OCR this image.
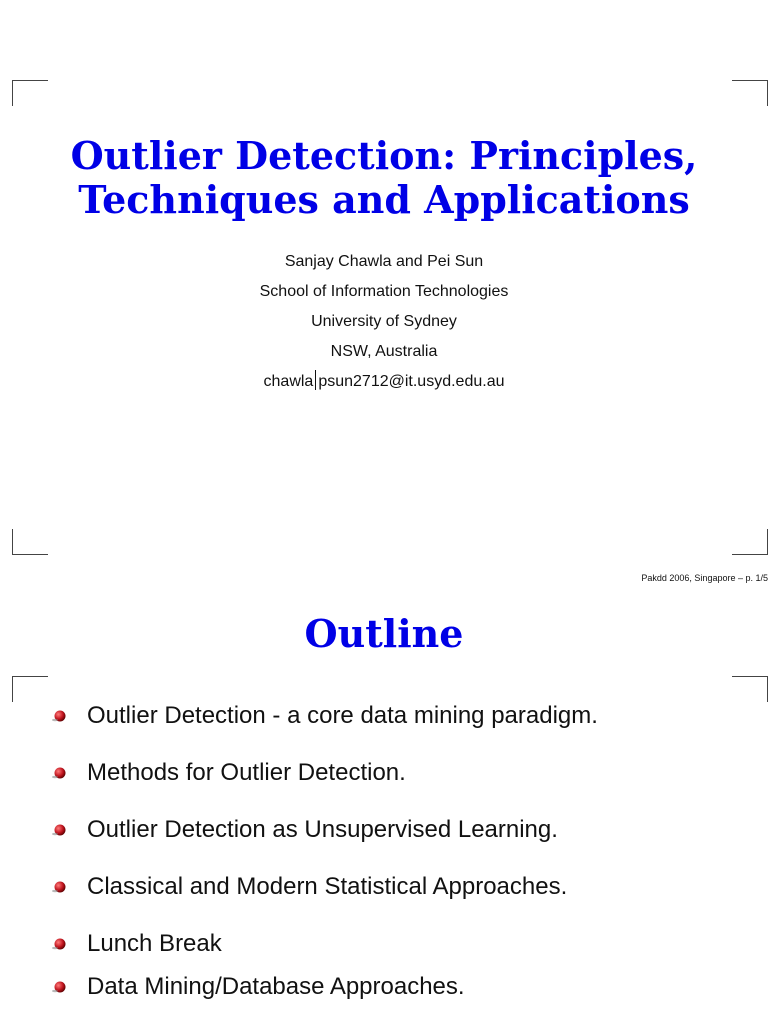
Outlier Detection: Principles,
Techniques and Applications
Sanjay Chawla and Pei Sun
School of Information Technologies
University of Sydney
NSW, Australia
chawla psun2712@it.usyd.edu.au
Pakdd 2006, Singapore – p. 1/5
Outline
Outlier Detection - a core data mining paradigm.
Methods for Outlier Detection.
Outlier Detection as Unsupervised Learning.
Classical and Modern Statistical Approaches.
Lunch Break
Data Mining/Database Approaches.
